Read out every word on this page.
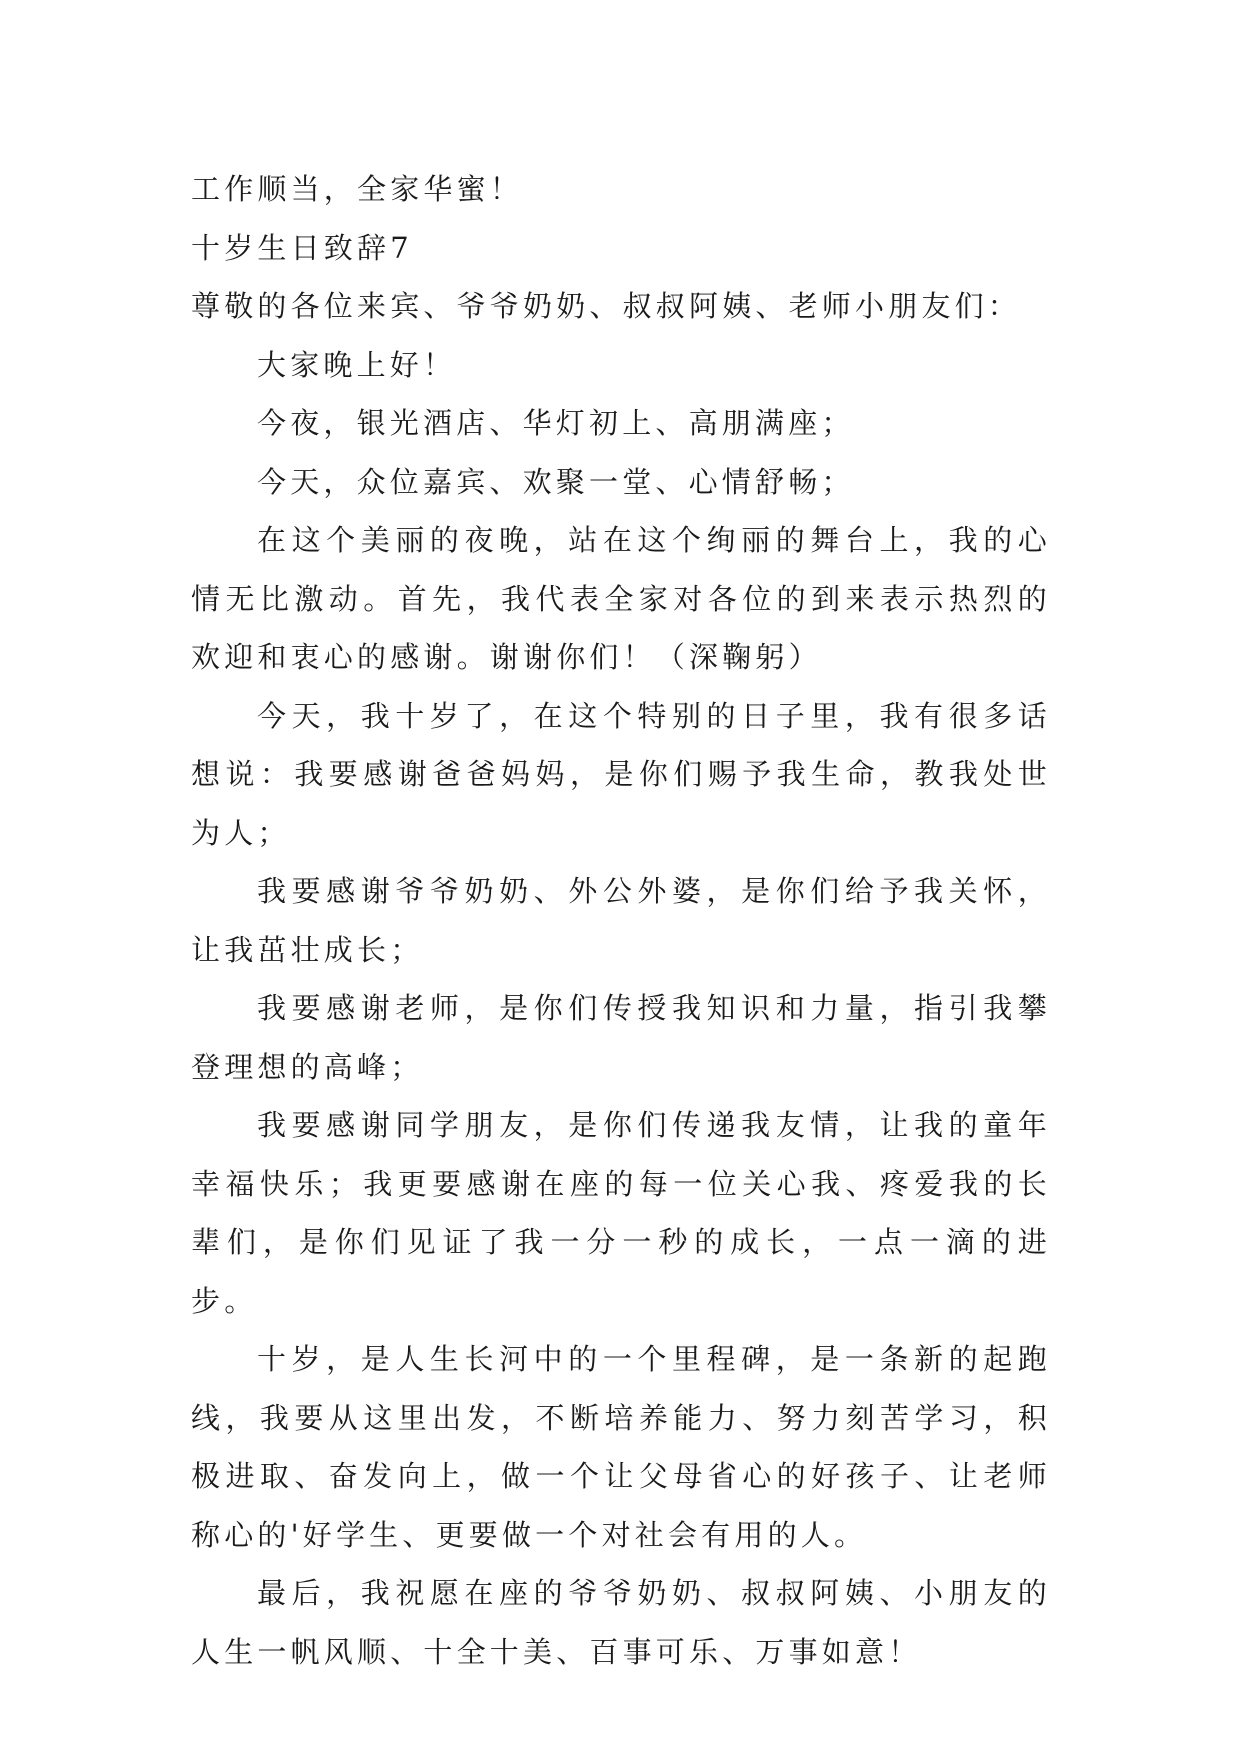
工作顺当，全家华蜜！

十岁生日致辞7

尊敬的各位来宾、爷爷奶奶、叔叔阿姨、老师小朋友们：

大家晚上好！

今夜，银光酒店、华灯初上、高朋满座；

今天，众位嘉宾、欢聚一堂、心情舒畅；

在这个美丽的夜晚，站在这个绚丽的舞台上，我的心情无比激动。首先，我代表全家对各位的到来表示热烈的欢迎和衷心的感谢。谢谢你们！（深鞠躬）

今天，我十岁了，在这个特别的日子里，我有很多话想说：我要感谢爸爸妈妈，是你们赐予我生命，教我处世为人；

我要感谢爷爷奶奶、外公外婆，是你们给予我关怀，让我茁壮成长；

我要感谢老师，是你们传授我知识和力量，指引我攀登理想的高峰；

我要感谢同学朋友，是你们传递我友情，让我的童年幸福快乐；我更要感谢在座的每一位关心我、疼爱我的长辈们，是你们见证了我一分一秒的成长，一点一滴的进步。

十岁，是人生长河中的一个里程碑，是一条新的起跑线，我要从这里出发，不断培养能力、努力刻苦学习，积极进取、奋发向上，做一个让父母省心的好孩子、让老师称心的'好学生、更要做一个对社会有用的人。

最后，我祝愿在座的爷爷奶奶、叔叔阿姨、小朋友的人生一帆风顺、十全十美、百事可乐、万事如意！
